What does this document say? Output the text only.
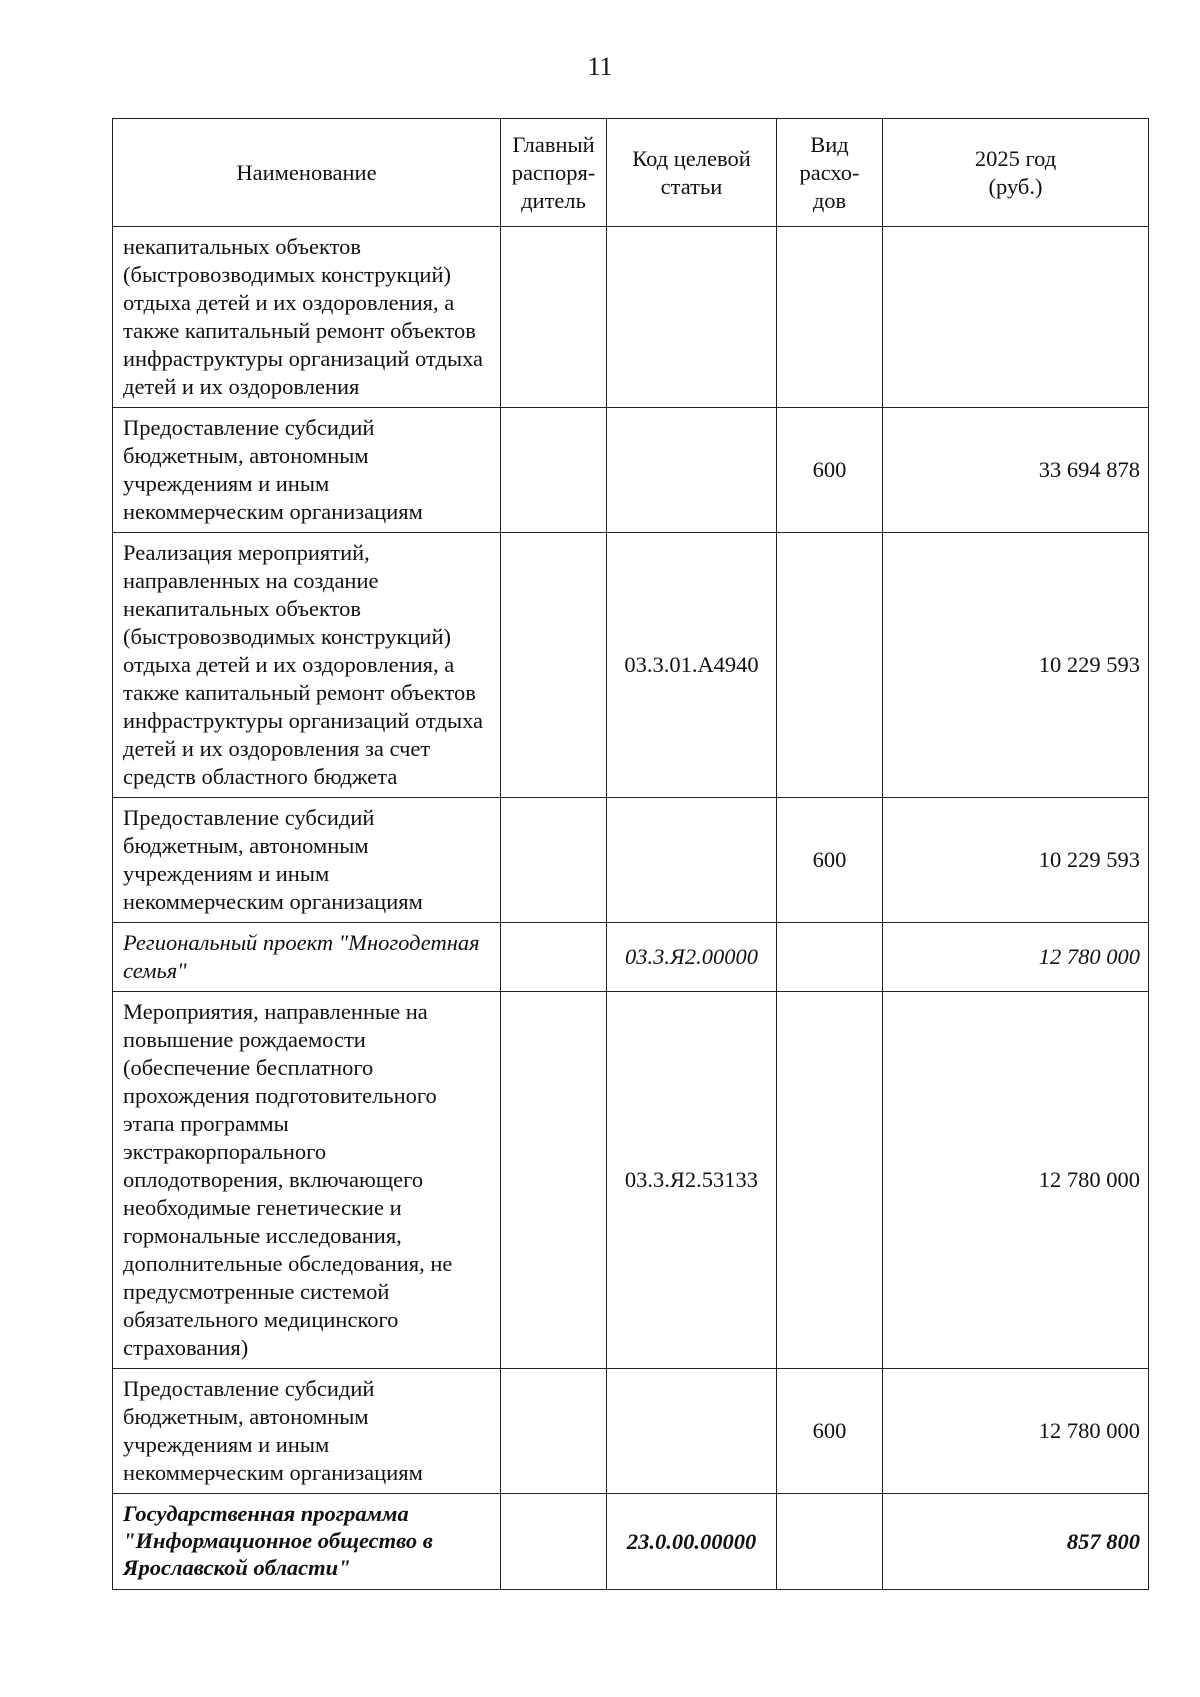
11
Наименование	Главный распоря-дитель	Код целевой статьи	Вид расхо-дов	2025 год (руб.)
некапитальных объектов (быстровозводимых конструкций) отдыха детей и их оздоровления, а также капитальный ремонт объектов инфраструктуры организаций отдыха детей и их оздоровления				
Предоставление субсидий бюджетным, автономным учреждениям и иным некоммерческим организациям			600	33 694 878
Реализация мероприятий, направленных на создание некапитальных объектов (быстровозводимых конструкций) отдыха детей и их оздоровления, а также капитальный ремонт объектов инфраструктуры организаций отдыха детей и их оздоровления за счет средств областного бюджета		03.3.01.А4940		10 229 593
Предоставление субсидий бюджетным, автономным учреждениям и иным некоммерческим организациям			600	10 229 593
Региональный проект "Многодетная семья"		03.3.Я2.00000		12 780 000
Мероприятия, направленные на повышение рождаемости (обеспечение бесплатного прохождения подготовительного этапа программы экстракорпорального оплодотворения, включающего необходимые генетические и гормональные исследования, дополнительные обследования, не предусмотренные системой обязательного медицинского страхования)		03.3.Я2.53133		12 780 000
Предоставление субсидий бюджетным, автономным учреждениям и иным некоммерческим организациям			600	12 780 000
Государственная программа "Информационное общество в Ярославской области"		23.0.00.00000		857 800
